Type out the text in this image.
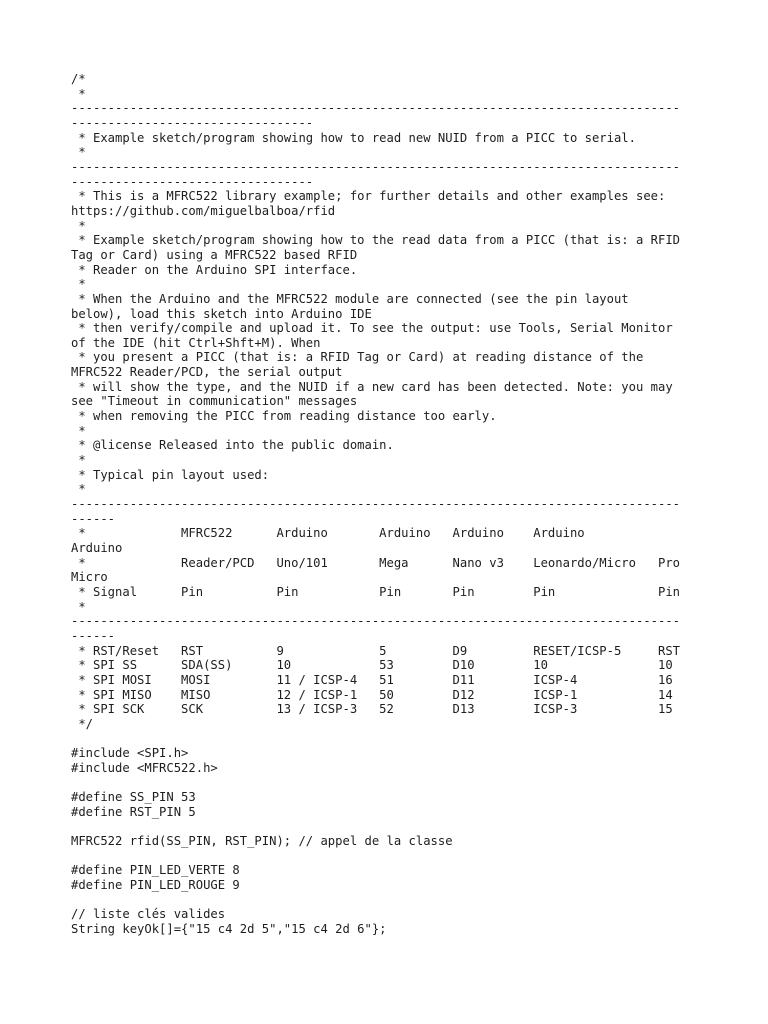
/*
*
-----------------------------------------------------------------------------------
---------------------------------
* Example sketch/program showing how to read new NUID from a PICC to serial.
*
-----------------------------------------------------------------------------------
---------------------------------
* This is a MFRC522 library example; for further details and other examples see:
https://github.com/miguelbalboa/rfid
*
* Example sketch/program showing how to the read data from a PICC (that is: a RFID
Tag or Card) using a MFRC522 based RFID
* Reader on the Arduino SPI interface.
*
* When the Arduino and the MFRC522 module are connected (see the pin layout
below), load this sketch into Arduino IDE
* then verify/compile and upload it. To see the output: use Tools, Serial Monitor
of the IDE (hit Ctrl+Shft+M). When
* you present a PICC (that is: a RFID Tag or Card) at reading distance of the
MFRC522 Reader/PCD, the serial output
* will show the type, and the NUID if a new card has been detected. Note: you may
see "Timeout in communication" messages
* when removing the PICC from reading distance too early.
*
* @license Released into the public domain.
*
* Typical pin layout used:
*
-----------------------------------------------------------------------------------
------
*             MFRC522      Arduino       Arduino   Arduino    Arduino
Arduino
*             Reader/PCD   Uno/101       Mega      Nano v3    Leonardo/Micro   Pro
Micro
* Signal      Pin          Pin           Pin       Pin        Pin              Pin
*
-----------------------------------------------------------------------------------
------
* RST/Reset   RST          9             5         D9         RESET/ICSP-5     RST
* SPI SS      SDA(SS)      10            53        D10        10               10
* SPI MOSI    MOSI         11 / ICSP-4   51        D11        ICSP-4           16
* SPI MISO    MISO         12 / ICSP-1   50        D12        ICSP-1           14
* SPI SCK     SCK          13 / ICSP-3   52        D13        ICSP-3           15
*/
#include <SPI.h>
#include <MFRC522.h>
#define SS_PIN 53
#define RST_PIN 5
MFRC522 rfid(SS_PIN, RST_PIN); // appel de la classe
#define PIN_LED_VERTE 8
#define PIN_LED_ROUGE 9
// liste clés valides
String keyOk[]={"15 c4 2d 5","15 c4 2d 6"};
